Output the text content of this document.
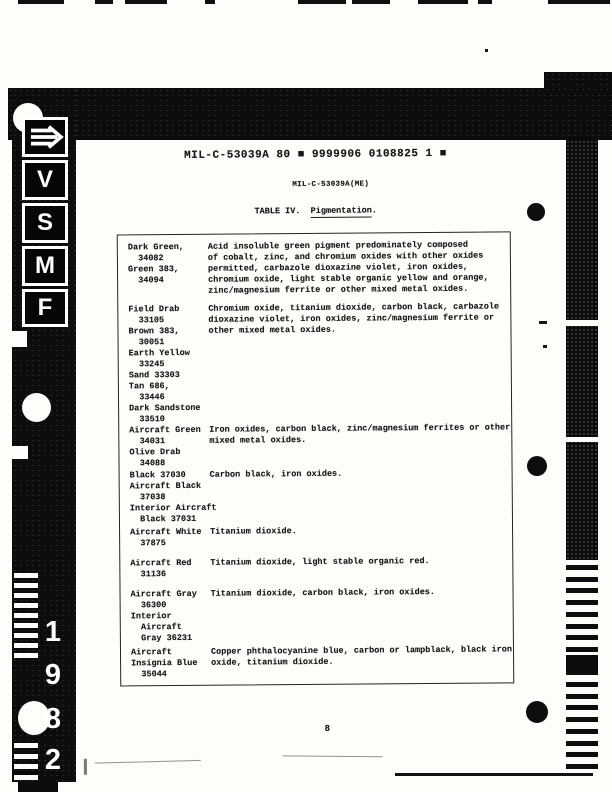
V
S
M
F
1
9
8
2
MIL-C-53039A 80 ■ 9999906 0108825 1 ■
MIL-C-53039A(ME)
TABLE IV.  Pigmentation.
Dark Green,
34082
Green 383,
34094
Acid insoluble green pigment predominately composed
of cobalt, zinc, and chromium oxides with other oxides
permitted, carbazole dioxazine violet, iron oxides,
chromium oxide, light stable organic yellow and orange,
zinc/magnesium ferrite or other mixed metal oxides.
Field Drab
33105
Brown 383,
30051
Earth Yellow
33245
Sand 33303
Tan 686,
33446
Dark Sandstone
33510
Chromium oxide, titanium dioxide, carbon black, carbazole
dioxazine violet, iron oxides, zinc/magnesium ferrite or
other mixed metal oxides.
Aircraft Green
34031
Olive Drab
34088
Iron oxides, carbon black, zinc/magnesium ferrites or other
mixed metal oxides.
Black 37030
Aircraft Black
37038
Interior Aircraft
Black 37031
Carbon black, iron oxides.
Aircraft White
37875
Titanium dioxide.
Aircraft Red
31136
Titanium dioxide, light stable organic red.
Aircraft Gray
36300
Interior
Aircraft
Gray 36231
Titanium dioxide, carbon black, iron oxides.
Aircraft
Insignia Blue
35044
Copper phthalocyanine blue, carbon or lampblack, black iron
oxide, titanium dioxide.
8
